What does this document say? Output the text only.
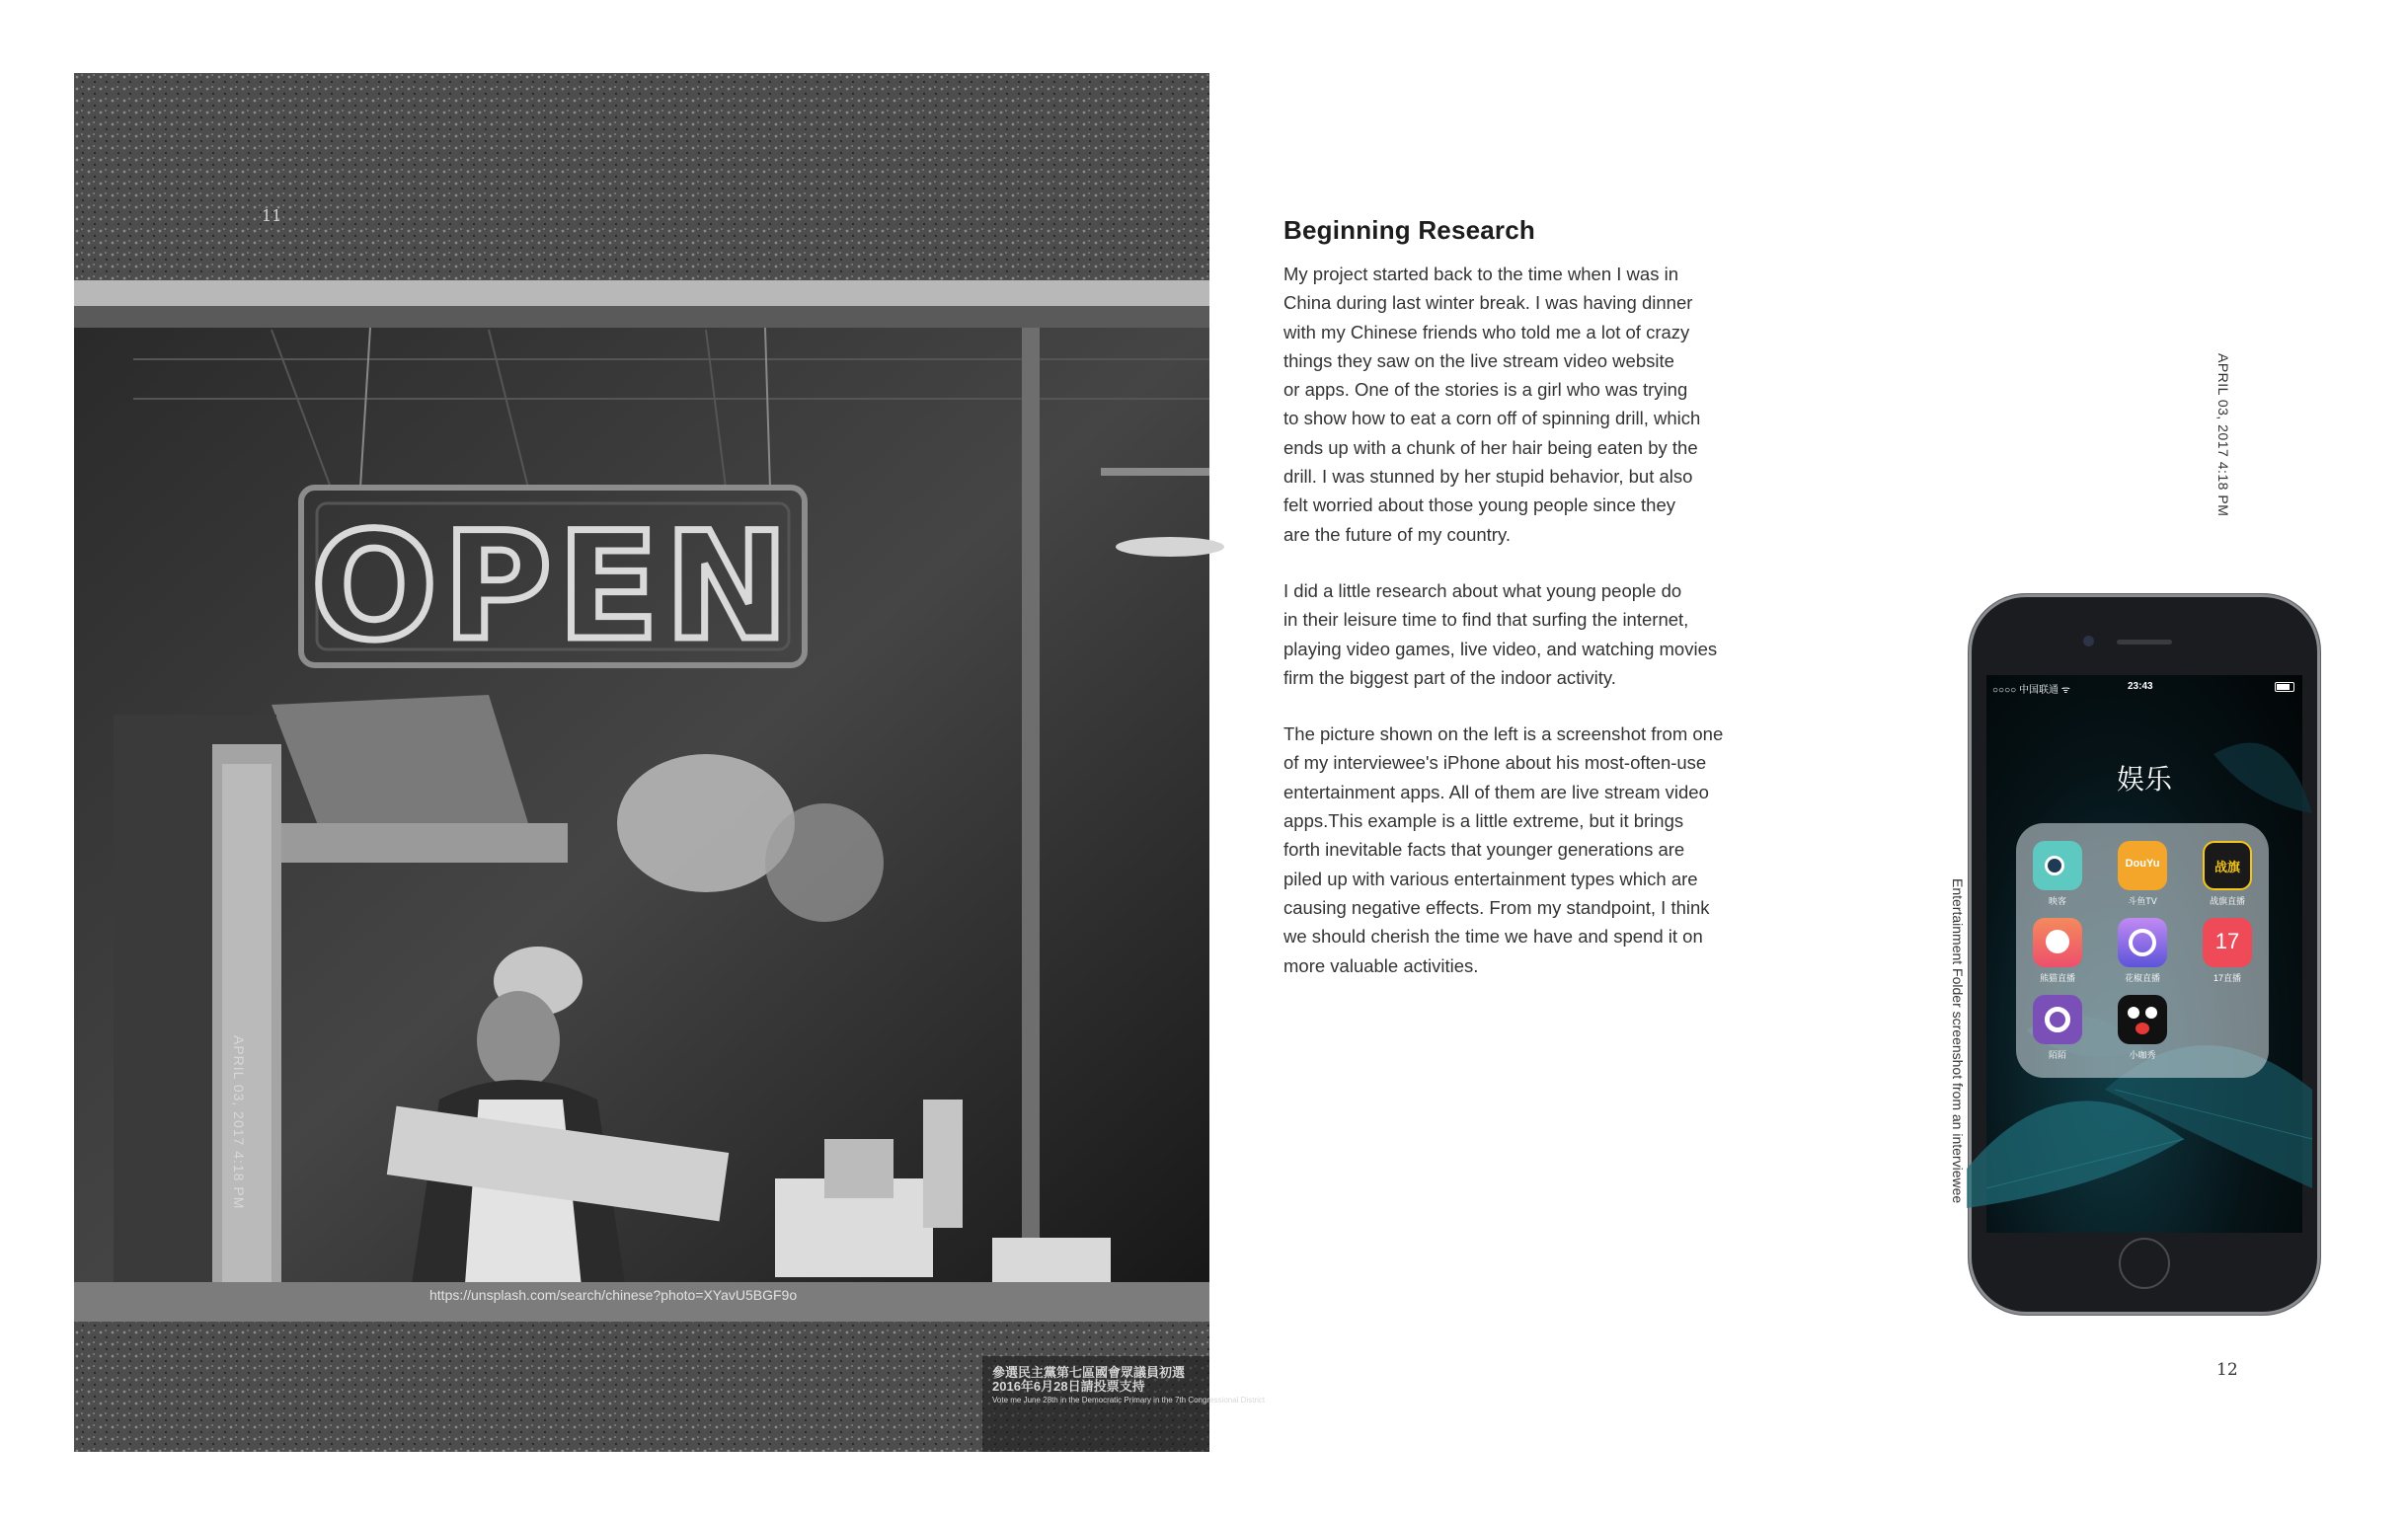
OPEN
11
APRIL 03, 2017 4:18 PM
https://unsplash.com/search/chinese?photo=XYavU5BGF9o
參選民主黨第七區國會眾議員初選
2016年6月28日請投票支持
Vote me June 28th in the Democratic Primary in the 7th Congressional District
Beginning Research

My project started back to the time when I was in
China during last winter break. I was having dinner
with my Chinese friends who told me a lot of crazy
things they saw on the live stream video website
or apps. One of the stories is a girl who was trying
to show how to eat a corn off of spinning drill, which
ends up with a chunk of her hair being eaten by the
drill. I was stunned by her stupid behavior, but also
felt worried about those young people since they
are the future of my country.

I did a little research about what young people do
in their leisure time to find that surfing the internet,
playing video games, live video, and watching movies
firm the biggest part of the indoor activity.

The picture shown on the left is a screenshot from one
of my interviewee's iPhone about his most-often-use
entertainment apps. All of them are live stream video
apps.This example is a little extreme, but it brings
forth inevitable facts that younger generations are
piled up with various entertainment types which are
causing negative effects. From my standpoint, I think
we should cherish the time we have and spend it on
more valuable activities.

APRIL 03, 2017 4:18 PM
Entertainment Folder screenshot from an interviewee
12
○○○○ 中国联通 ᯤ	23:43
娱乐
映客
DouYu
斗鱼TV
战旗
战旗直播
熊猫直播	花椒直播
17
17直播
陌陌	小咖秀
